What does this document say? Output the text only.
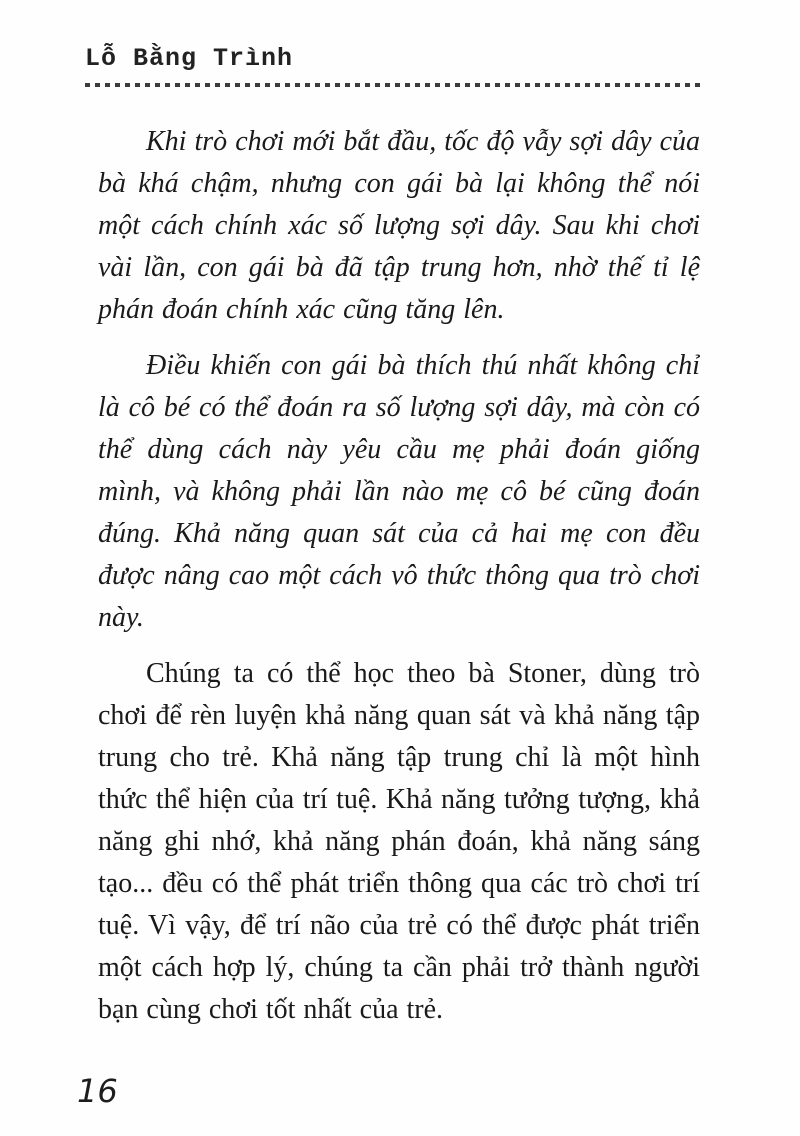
Lỗ Bằng Trình

Khi trò chơi mới bắt đầu, tốc độ vẫy sợi dây của bà khá chậm, nhưng con gái bà lại không thể nói một cách chính xác số lượng sợi dây. Sau khi chơi vài lần, con gái bà đã tập trung hơn, nhờ thế tỉ lệ phán đoán chính xác cũng tăng lên.

Điều khiến con gái bà thích thú nhất không chỉ là cô bé có thể đoán ra số lượng sợi dây, mà còn có thể dùng cách này yêu cầu mẹ phải đoán giống mình, và không phải lần nào mẹ cô bé cũng đoán đúng. Khả năng quan sát của cả hai mẹ con đều được nâng cao một cách vô thức thông qua trò chơi này.

Chúng ta có thể học theo bà Stoner, dùng trò chơi để rèn luyện khả năng quan sát và khả năng tập trung cho trẻ. Khả năng tập trung chỉ là một hình thức thể hiện của trí tuệ. Khả năng tưởng tượng, khả năng ghi nhớ, khả năng phán đoán, khả năng sáng tạo... đều có thể phát triển thông qua các trò chơi trí tuệ. Vì vậy, để trí não của trẻ có thể được phát triển một cách hợp lý, chúng ta cần phải trở thành người bạn cùng chơi tốt nhất của trẻ.

16
